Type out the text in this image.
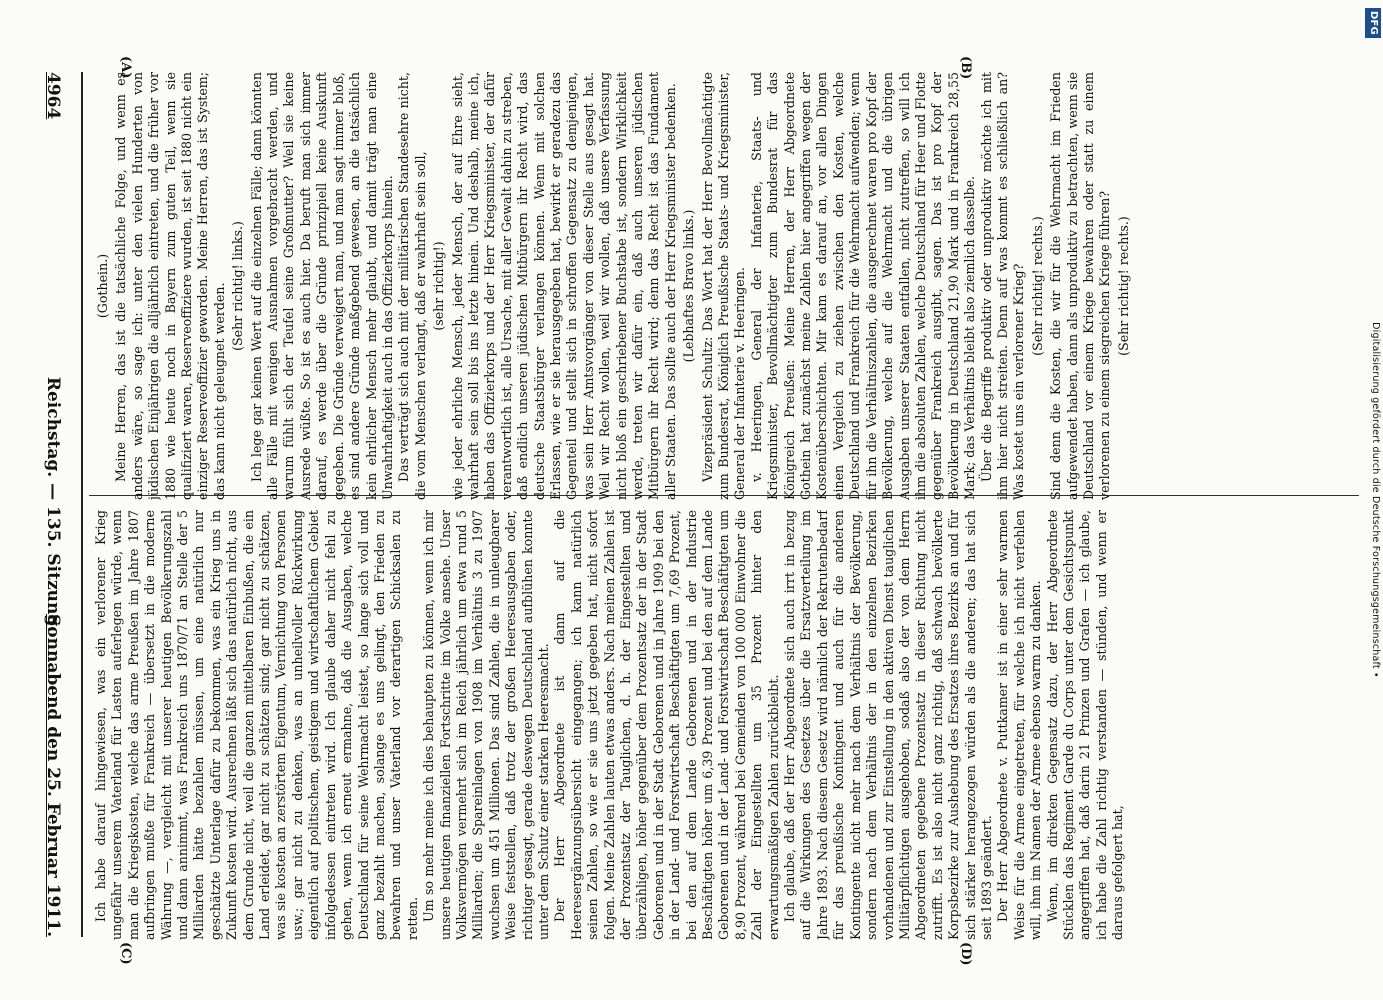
DFG
Digitalisierung gefördert durch die Deutsche Forschungsgemeinschaft •
4964
Reichstag. — 135. Sitzung.
Sonnabend den 25. Februar 1911.
(A)	(B)
(C)	(D)

(Gothein.) Meine Herren, das ist die tatsächliche Folge, und wenn es anders wäre, so sage ich: unter den vielen Hunderten von jüdischen Einjährigen die alljährlich eintreten, und die früher vor 1880 wie heute noch in Bayern zum guten Teil, wenn sie qualifiziert waren, Reserveoffiziere wurden, ist seit 1880 nicht ein einziger Reserveoffizier geworden. Meine Herren, das ist System; das kann nicht geleugnet werden. (Sehr richtig! links.) Ich lege gar keinen Wert auf die einzelnen Fälle; dann könnten alle Fälle mit wenigen Ausnahmen vorgebracht werden, und warum fühlt sich der Teufel seine Großmutter? Weil sie keine Ausrede wüßte. So ist es auch hier. Da beruft man sich immer darauf, es werde über die Gründe prinzipiell keine Auskunft gegeben. Die Gründe verweigert man, und man sagt immer bloß, es sind andere Gründe maßgebend gewesen, an die tatsächlich kein ehrlicher Mensch mehr glaubt, und damit trägt man eine Unwahrhaftigkeit auch in das Offizierkorps hinein. Das verträgt sich auch mit der militärischen Standesehre nicht, die vom Menschen verlangt, daß er wahrhaft sein soll, (sehr richtig!) wie jeder ehrliche Mensch, jeder Mensch, der auf Ehre sieht, wahrhaft sein soll bis ins letzte hinein. Und deshalb, meine ich, haben das Offizierkorps und der Herr Kriegsminister, der dafür verantwortlich ist, alle Ursache, mit aller Gewalt dahin zu streben, daß endlich unseren jüdischen Mitbürgern ihr Recht wird, das deutsche Staatsbürger verlangen können. Wenn mit solchen Erlassen, wie er sie herausgegeben hat, bewirkt er geradezu das Gegenteil und stellt sich in schroffen Gegensatz zu demjenigen, was sein Herr Amtsvorgänger von dieser Stelle aus gesagt hat. Weil wir Recht wollen, weil wir wollen, daß unsere Verfassung nicht bloß ein geschriebener Buchstabe ist, sondern Wirklichkeit werde, treten wir dafür ein, daß auch unseren jüdischen Mitbürgern ihr Recht wird; denn das Recht ist das Fundament aller Staaten. Das sollte auch der Herr Kriegsminister bedenken. (Lebhaftes Bravo links.) Vizepräsident Schultz: Das Wort hat der Herr Bevollmächtigte zum Bundesrat, Königlich Preußische Staats- und Kriegsminister, General der Infanterie v. Heeringen. v. Heeringen, General der Infanterie, Staats- und Kriegsminister, Bevollmächtigter zum Bundesrat für das Königreich Preußen: Meine Herren, der Herr Abgeordnete Gothein hat zunächst meine Zahlen hier angegriffen wegen der Kostenüberschichten. Mir kam es darauf an, vor allen Dingen einen Vergleich zu ziehen zwischen den Kosten, welche Deutschland und Frankreich für die Wehrmacht aufwenden; wenn für ihn die Verhältniszahlen, die ausgerechnet waren pro Kopf der Bevölkerung, welche auf die Wehrmacht und die übrigen Ausgaben unserer Staaten entfallen, nicht zutreffen, so will ich ihm die absoluten Zahlen, welche Deutschland für Heer und Flotte gegenüber Frankreich ausgibt, sagen. Das ist pro Kopf der Bevölkerung in Deutschland 21,90 Mark und in Frankreich 28,55 Mark; das Verhältnis bleibt also ziemlich dasselbe. Über die Begriffe produktiv oder unproduktiv möchte ich mit ihm hier nicht streiten. Denn auf was kommt es schließlich an? Was kostet uns ein verlorener Krieg? (Sehr richtig! rechts.) Sind denn die Kosten, die wir für die Wehrmacht im Frieden aufgewendet haben, dann als unproduktiv zu betrachten, wenn sie Deutschland vor einem Kriege bewahren oder statt zu einem verlorenen zu einem siegreichen Kriege führen? (Sehr richtig! rechts.)

Ich habe darauf hingewiesen, was ein verlorener Krieg ungefähr unserem Vaterland für Lasten auferlegen würde, wenn man die Kriegskosten, welche das arme Preußen im Jahre 1807 aufbringen mußte für Frankreich — übersetzt in die moderne Währung —, vergleicht mit unserer heutigen Bevölkerungszahl und dann annimmt, was Frankreich uns 1870/71 an Stelle der 5 Milliarden hätte bezahlen müssen, um eine natürlich nur geschätzte Unterlage dafür zu bekommen, was ein Krieg uns in Zukunft kosten wird. Ausrechnen läßt sich das natürlich nicht, aus dem Grunde nicht, weil die ganzen mittelbaren Einbußen, die ein Land erleidet, gar nicht zu schätzen sind; gar nicht zu schätzen, was sie kosten an zerstörtem Eigentum, Vernichtung von Personen usw.; gar nicht zu denken, was an unheilvoller Rückwirkung eigentlich auf politischem, geistigem und wirtschaftlichem Gebiet infolgedessen eintreten wird. Ich glaube daher nicht fehl zu gehen, wenn ich erneut ermahne, daß die Ausgaben, welche Deutschland für seine Wehrmacht leistet, so lange sich voll und ganz bezahlt machen, solange es uns gelingt, den Frieden zu bewahren und unser Vaterland vor derartigen Schicksalen zu retten. Um so mehr meine ich dies behaupten zu können, wenn ich mir unsere heutigen finanziellen Fortschritte im Volke ansehe. Unser Volksvermögen vermehrt sich im Reich jährlich um etwa rund 5 Milliarden; die Spareinlagen von 1908 im Verhältnis 3 zu 1907 wuchsen um 451 Millionen. Das sind Zahlen, die in unleugbarer Weise feststellen, daß trotz der großen Heeresausgaben oder, richtiger gesagt, gerade deswegen Deutschland aufblühen konnte unter dem Schutz einer starken Heeresmacht. Der Herr Abgeordnete ist dann auf die Heeresergänzungsübersicht eingegangen; ich kann natürlich seinen Zahlen, so wie er sie uns jetzt gegeben hat, nicht sofort folgen. Meine Zahlen lauten etwas anders. Nach meinen Zahlen ist der Prozentsatz der Tauglichen, d. h. der Eingestellten und überzähligen, höher gegenüber dem Prozentsatz der in der Stadt Geborenen und in der Stadt Geborenen und in Jahre 1909 bei den in der Land- und Forstwirtschaft Beschäftigten um 7,69 Prozent, bei den auf dem Lande Geborenen und in der Industrie Beschäftigten höher um 6,39 Prozent und bei den auf dem Lande Geborenen und in der Land- und Forstwirtschaft Beschäftigten um 8,90 Prozent, während bei Gemeinden von 100 000 Einwohner die Zahl der Eingestellten um 35 Prozent hinter den erwartungsmäßigen Zahlen zurückbleibt. Ich glaube, daß der Herr Abgeordnete sich auch irrt in bezug auf die Wirkungen des Gesetzes über die Ersatzverteilung im Jahre 1893. Nach diesem Gesetz wird nämlich der Rekrutenbedarf für das preußische Kontingent und auch für die anderen Kontingente nicht mehr nach dem Verhältnis der Bevölkerung, sondern nach dem Verhältnis der in den einzelnen Bezirken vorhandenen und zur Einstellung in den aktiven Dienst tauglichen Militärpflichtigen ausgehoben, sodaß also der von dem Herrn Abgeordneten gegebene Prozentsatz in dieser Richtung nicht zutrifft. Es ist also nicht ganz richtig, daß schwach bevölkerte Korpsbezirke zur Aushebung des Ersatzes ihres Bezirks an und für sich stärker herangezogen würden als die anderen; das hat sich seit 1893 geändert. Der Herr Abgeordnete v. Puttkamer ist in einer sehr warmen Weise für die Armee eingetreten, für welche ich nicht verfehlen will, ihm im Namen der Armee ebenso warm zu danken. Wenn, im direkten Gegensatz dazu, der Herr Abgeordnete Stücklen das Regiment Garde du Corps unter dem Gesichtspunkt angegriffen hat, daß darin 21 Prinzen und Grafen — ich glaube, ich habe die Zahl richtig verstanden — stünden, und wenn er daraus gefolgert hat,
